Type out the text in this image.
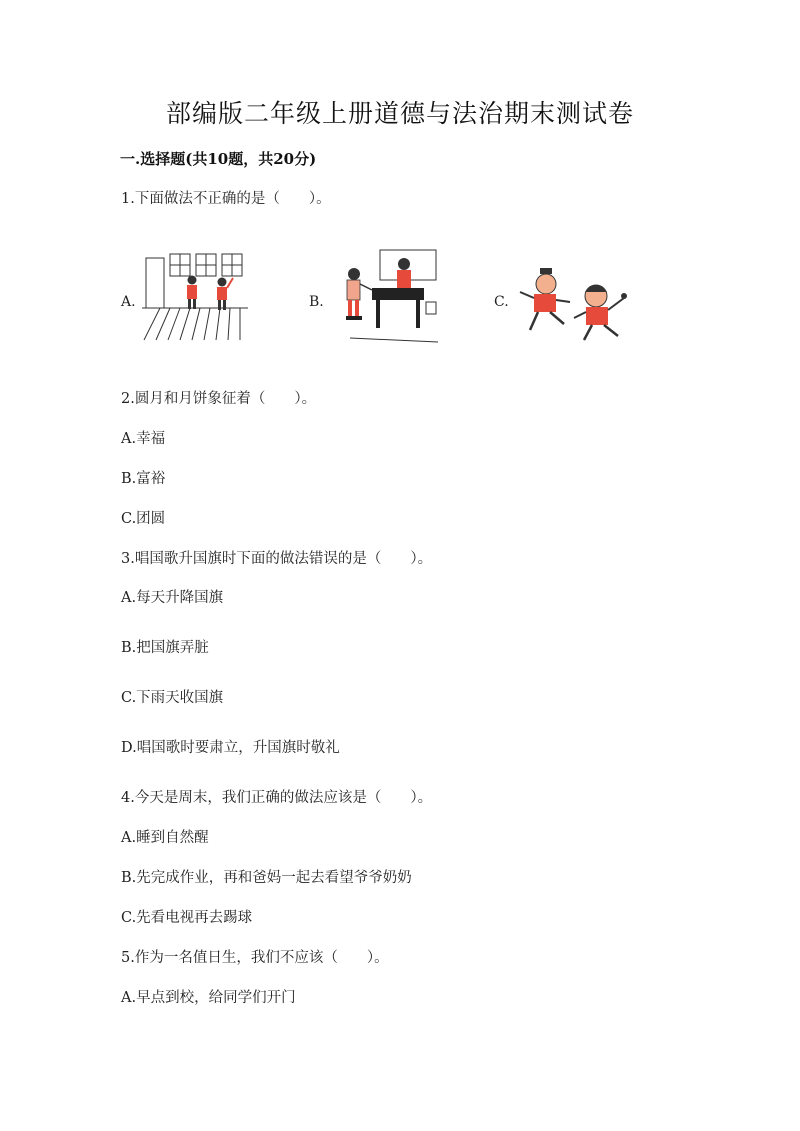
部编版二年级上册道德与法治期末测试卷
一.选择题(共10题，共20分)
1.下面做法不正确的是（　　）。
A.	B.	C.
2.圆月和月饼象征着（　　）。
A.幸福
B.富裕
C.团圆
3.唱国歌升国旗时下面的做法错误的是（　　）。
A.每天升降国旗
B.把国旗弄脏
C.下雨天收国旗
D.唱国歌时要肃立，升国旗时敬礼
4.今天是周末，我们正确的做法应该是（　　）。
A.睡到自然醒
B.先完成作业，再和爸妈一起去看望爷爷奶奶
C.先看电视再去踢球
5.作为一名值日生，我们不应该（　　）。
A.早点到校，给同学们开门
